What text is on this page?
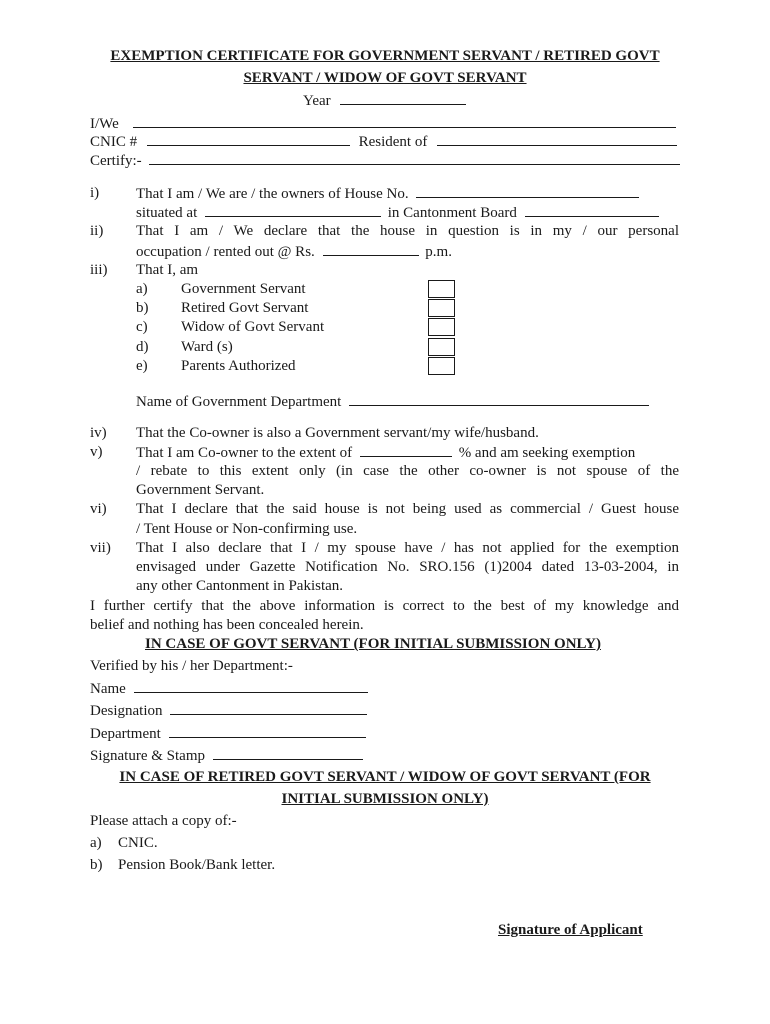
EXEMPTION CERTIFICATE FOR GOVERNMENT SERVANT / RETIRED GOVT
SERVANT / WIDOW OF GOVT SERVANT
Year
I/We
CNIC #	Resident of
Certify:-
i) That I am / We are / the owners of House No.
situated at	in Cantonment Board
ii) That I am / We declare that the house in question is in my / our personal
occupation / rented out @ Rs.	p.m.
iii) That I, am
a) Government Servant
b) Retired Govt Servant
c) Widow of Govt Servant
d) Ward (s)
e) Parents Authorized
Name of Government Department
iv) That the Co-owner is also a Government servant/my wife/husband.
v) That I am Co-owner to the extent of	% and am seeking exemption
/ rebate to this extent only (in case the other co-owner is not spouse of the
Government Servant.
vi) That I declare that the said house is not being used as commercial / Guest house
/ Tent House or Non-confirming use.
vii) That I also declare that I / my spouse have / has not applied for the exemption
envisaged under Gazette Notification No. SRO.156 (1)2004 dated 13-03-2004, in
any other Cantonment in Pakistan.
I further certify that the above information is correct to the best of my knowledge and
belief and nothing has been concealed herein.
IN CASE OF GOVT SERVANT (FOR INITIAL SUBMISSION ONLY)
Verified by his / her Department:-
Name
Designation
Department
Signature & Stamp
IN CASE OF RETIRED GOVT SERVANT / WIDOW OF GOVT SERVANT (FOR
INITIAL SUBMISSION ONLY)
Please attach a copy of:-
a) CNIC.
b) Pension Book/Bank letter.
Signature of Applicant
